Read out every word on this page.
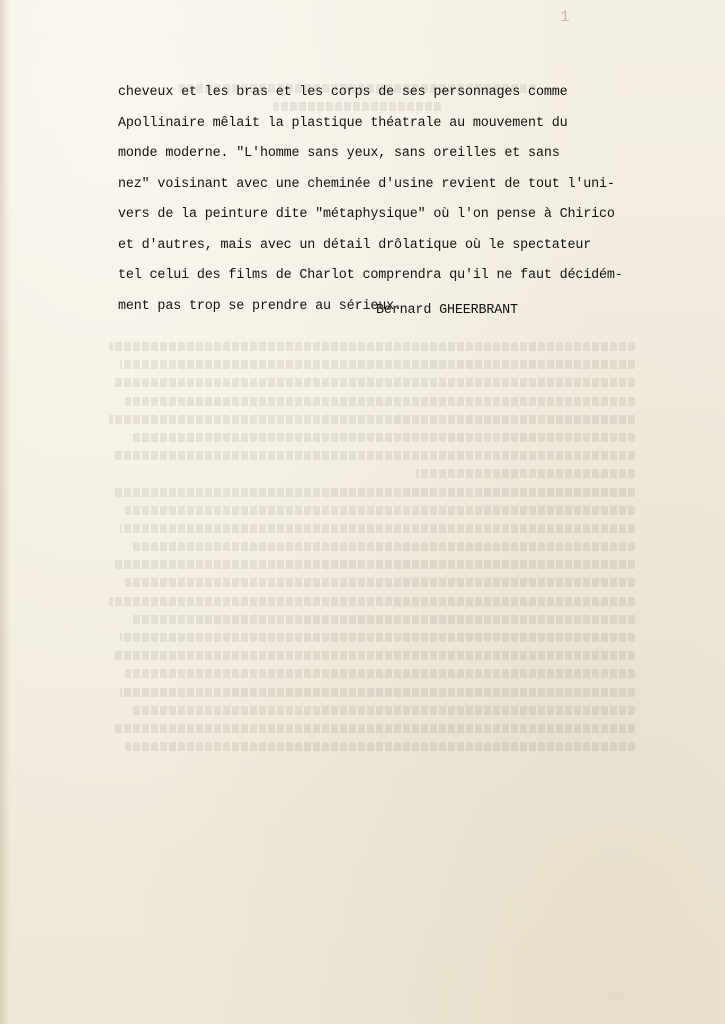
1
cheveux et les bras et les corps de ses personnages comme
Apollinaire mêlait la plastique théatrale au mouvement du
monde moderne. "L'homme sans yeux, sans oreilles et sans
nez" voisinant avec une cheminée d'usine revient de tout l'uni-
vers de la peinture dite "métaphysique" où l'on pense à Chirico
et d'autres, mais avec un détail drôlatique où le spectateur
tel celui des films de Charlot comprendra qu'il ne faut décidém-
ment pas trop se prendre au sérieux.
Bernard GHEERBRANT
